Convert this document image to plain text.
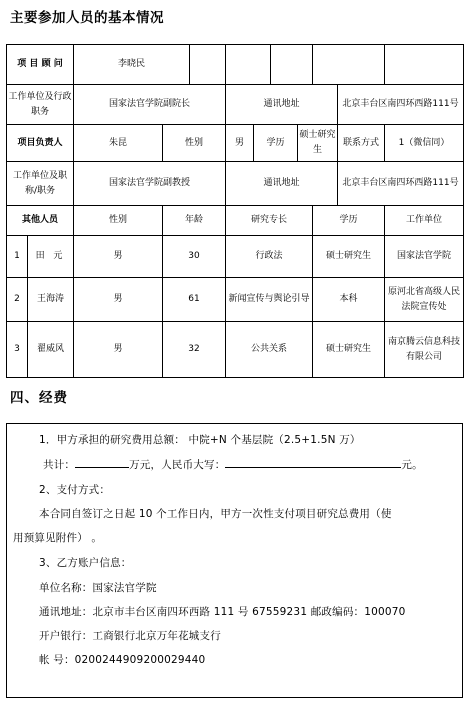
主要参加人员的基本情况
项 目 顾 问		李晓民									
工作单位及行政职务		国家法官学院副院长			通讯地址					北京丰台区南四环西路111号	
项目负责人		朱昆	性别		男	学历		硕士研究生		联系方式	1（微信同）
工作单位及职称/职务		国家法官学院副教授			通讯地址					北京丰台区南四环西路111号	
其他人员		性别	年龄		研究专长				学历		工作单位
1	田 元	男	30		行政法				硕士研究生		国家法官学院
2	王海涛	男	61		新闻宣传与舆论引导				本科		原河北省高级人民法院宣传处
3	翟威风	男	32		公共关系				硕士研究生		南京腾云信息科技有限公司
四、经费
1．甲方承担的研究费用总额： 中院+N 个基层院（2.5+1.5N 万）
共计：	万元，人民币大写：	元。
2、支付方式：
本合同自签订之日起 10 个工作日内，甲方一次性支付项目研究总费用（使
用预算见附件） 。
3、乙方账户信息：
单位名称：国家法官学院
通讯地址：北京市丰台区南四环西路 111 号 67559231 邮政编码：100070
开户银行：工商银行北京万年花城支行
帐 号：0200244909200029440
